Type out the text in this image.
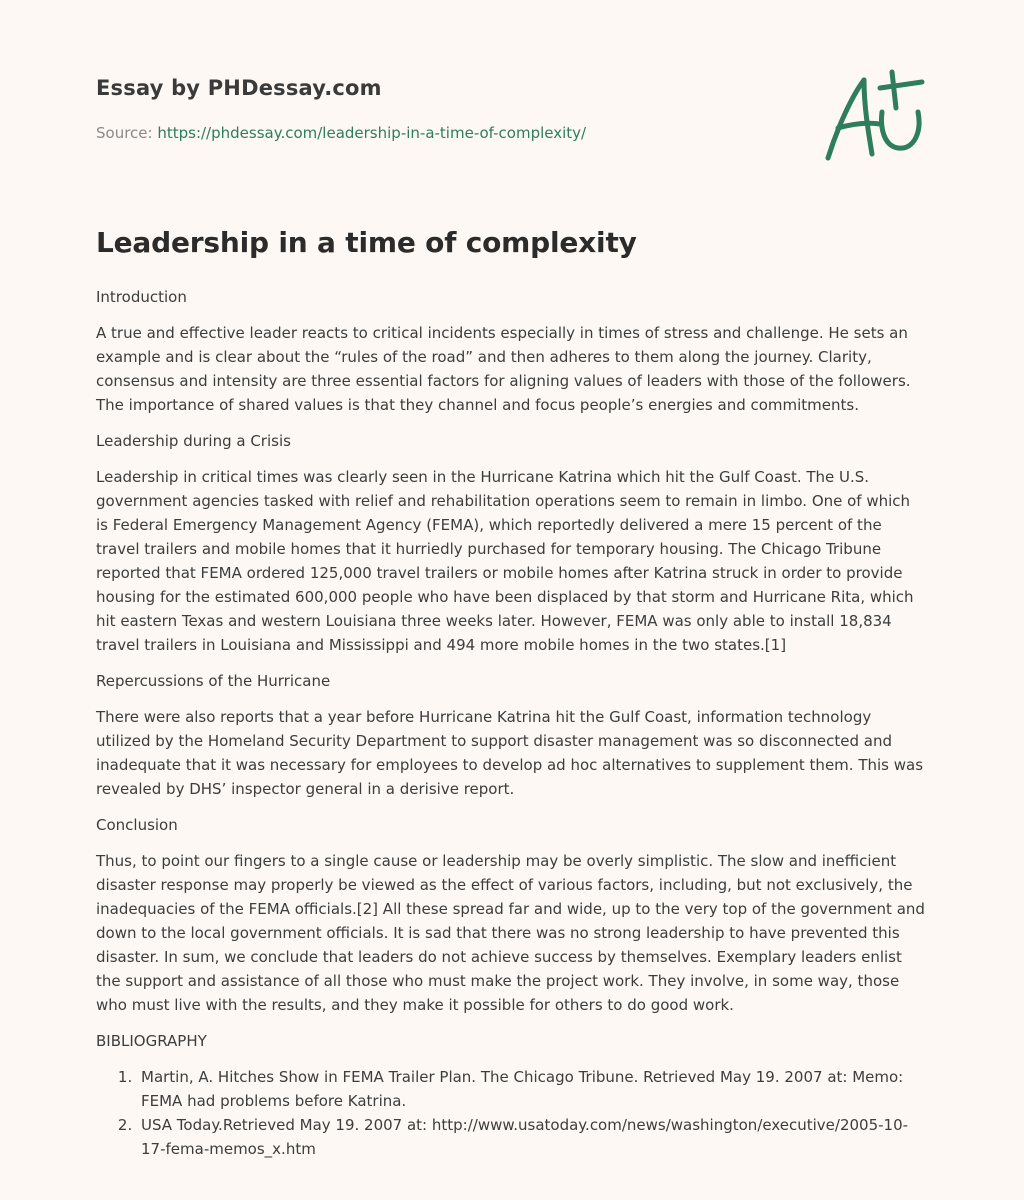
Essay by PHDessay.com
Source: https://phdessay.com/leadership-in-a-time-of-complexity/
Leadership in a time of complexity

Introduction

A true and effective leader reacts to critical incidents especially in times of stress and challenge. He sets an example and is clear about the “rules of the road” and then adheres to them along the journey. Clarity, consensus and intensity are three essential factors for aligning values of leaders with those of the followers. The importance of shared values is that they channel and focus people’s energies and commitments.

Leadership during a Crisis

Leadership in critical times was clearly seen in the Hurricane Katrina which hit the Gulf Coast. The U.S. government agencies tasked with relief and rehabilitation operations seem to remain in limbo. One of which is Federal Emergency Management Agency (FEMA), which reportedly delivered a mere 15 percent of the travel trailers and mobile homes that it hurriedly purchased for temporary housing. The Chicago Tribune reported that FEMA ordered 125,000 travel trailers or mobile homes after Katrina struck in order to provide housing for the estimated 600,000 people who have been displaced by that storm and Hurricane Rita, which hit eastern Texas and western Louisiana three weeks later. However, FEMA was only able to install 18,834 travel trailers in Louisiana and Mississippi and 494 more mobile homes in the two states.[1]

Repercussions of the Hurricane

There were also reports that a year before Hurricane Katrina hit the Gulf Coast, information technology utilized by the Homeland Security Department to support disaster management was so disconnected and inadequate that it was necessary for employees to develop ad hoc alternatives to supplement them. This was revealed by DHS’ inspector general in a derisive report.

Conclusion

Thus, to point our fingers to a single cause or leadership may be overly simplistic. The slow and inefficient disaster response may properly be viewed as the effect of various factors, including, but not exclusively, the inadequacies of the FEMA officials.[2] All these spread far and wide, up to the very top of the government and down to the local government officials. It is sad that there was no strong leadership to have prevented this disaster. In sum, we conclude that leaders do not achieve success by themselves. Exemplary leaders enlist the support and assistance of all those who must make the project work. They involve, in some way, those who must live with the results, and they make it possible for others to do good work.

BIBLIOGRAPHY

1. Martin, A. Hitches Show in FEMA Trailer Plan. The Chicago Tribune. Retrieved May 19. 2007 at: Memo: FEMA had problems before Katrina.
2. USA Today.Retrieved May 19. 2007 at: http://www.usatoday.com/news/washington/executive/2005-10-17-fema-memos_x.htm
